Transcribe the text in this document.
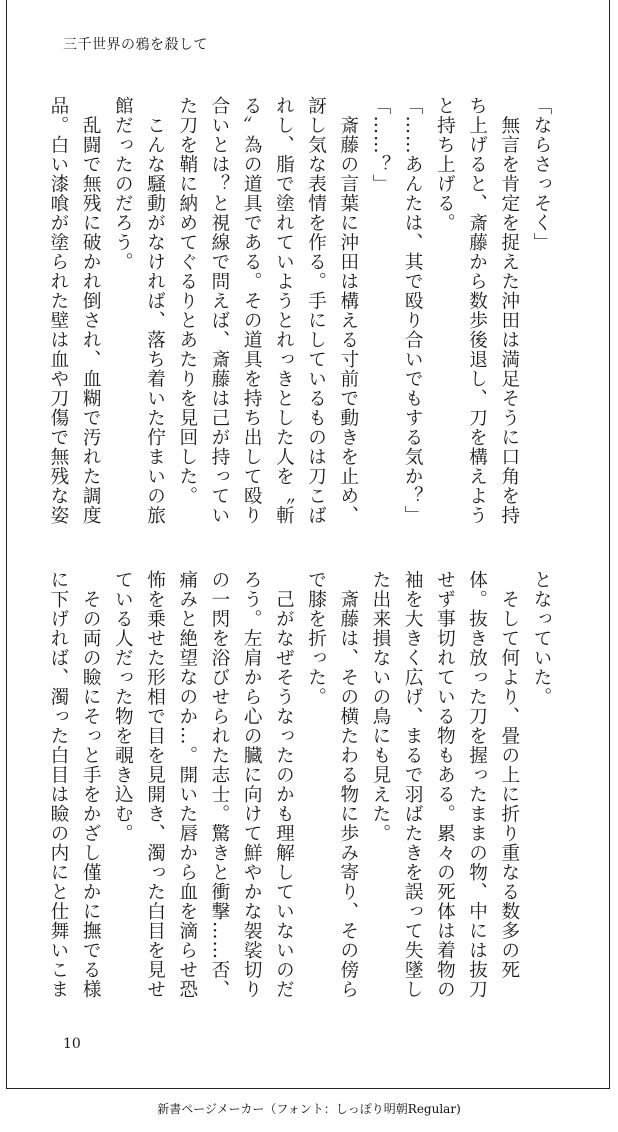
三千世界の鴉を殺して

「ならさっそく」

　無言を肯定を捉えた沖田は満足そうに口角を持ち上げると、斎藤から数歩後退し、刀を構えようと持ち上げる。

「……あんたは、其で殴り合いでもする気か？」

「……？」

　斎藤の言葉に沖田は構える寸前で動きを止め、訝し気な表情を作る。手にしているものは刀こばれし、脂で塗れていようとれっきとした人を〝斬る〟為の道具である。その道具を持ち出して殴り合いとは？と視線で問えば、斎藤は己が持っていた刀を鞘に納めてぐるりとあたりを見回した。

　こんな騒動がなければ、落ち着いた佇まいの旅館だったのだろう。

　乱闘で無残に破かれ倒され、血糊で汚れた調度品。白い漆喰が塗られた壁は血や刀傷で無残な姿

となっていた。

　そして何より、畳の上に折り重なる数多の死体。抜き放った刀を握ったままの物、中には抜刀せず事切れている物もある。累々の死体は着物の袖を大きく広げ、まるで羽ばたきを誤って失墜した出来損ないの鳥にも見えた。

　斎藤は、その横たわる物に歩み寄り、その傍らで膝を折った。

　己がなぜそうなったのかも理解していないのだろう。左肩から心の臓に向けて鮮やかな袈裟切りの一閃を浴びせられた志士。驚きと衝撃……否、痛みと絶望なのか…。開いた唇から血を滴らせ恐怖を乗せた形相で目を見開き、濁った白目を見せている人だった物を覗き込む。

　その両の瞼にそっと手をかざし僅かに撫でる様に下げれば、濁った白目は瞼の内にと仕舞いこま

10
新書ページメーカー（フォント：しっぽり明朝Regular)
